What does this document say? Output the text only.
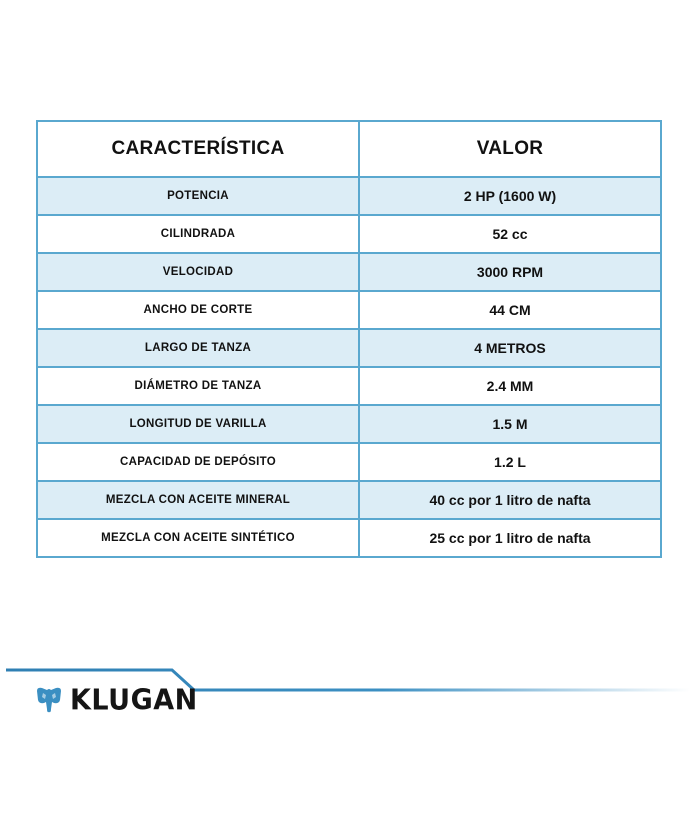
CARACTERÍSTICA	VALOR
POTENCIA	2 HP (1600 W)
CILINDRADA	52 cc
VELOCIDAD	3000 RPM
ANCHO DE CORTE	44 CM
LARGO DE TANZA	4 METROS
DIÁMETRO DE TANZA	2.4 MM
LONGITUD DE VARILLA	1.5 M
CAPACIDAD DE DEPÓSITO	1.2 L
MEZCLA CON ACEITE MINERAL	40 cc por 1 litro de nafta
MEZCLA CON ACEITE SINTÉTICO	25 cc por 1 litro de nafta
KLUGAN
